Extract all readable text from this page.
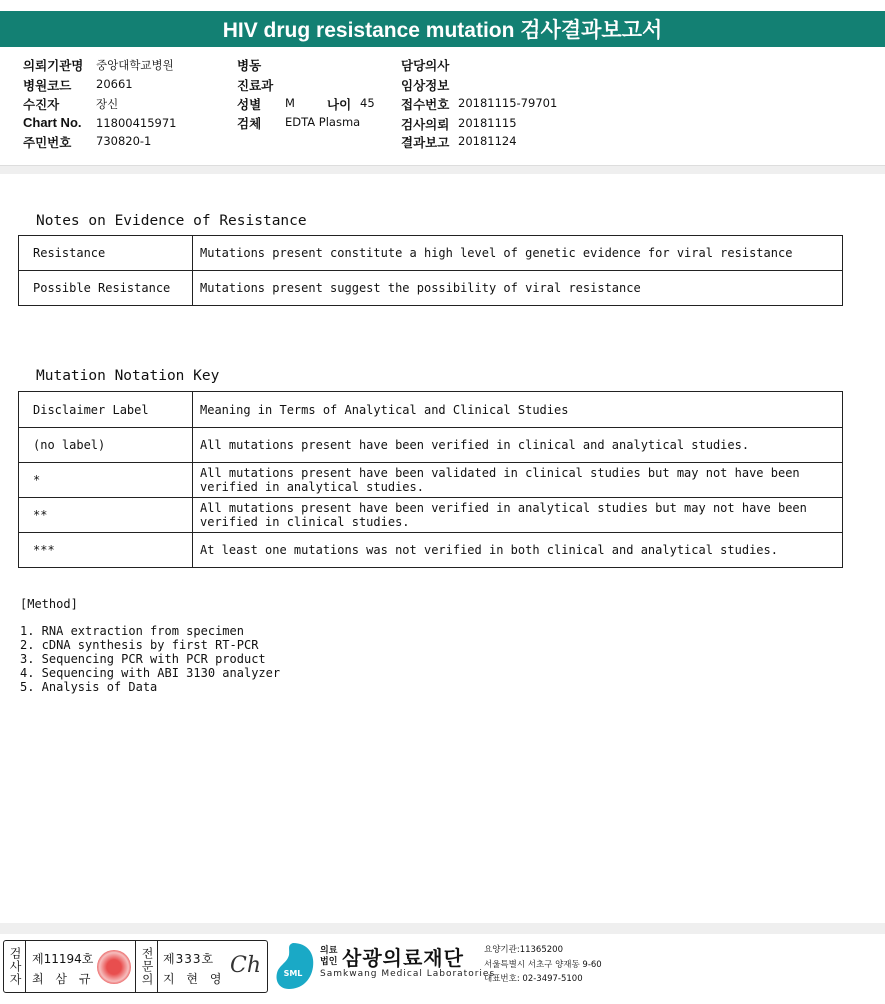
HIV drug resistance mutation 검사결과보고서
의뢰기관명 중앙대학교병원
병원코드 20661
수진자	장신
Chart No. 11800415971
주민번호 730820-1
병동
진료과
성별 M	나이 45
검체 EDTA Plasma
담당의사
임상정보
접수번호 20181115-79701
검사의뢰 20181115
결과보고 20181124
Notes on Evidence of Resistance
Resistance	Mutations present constitute a high level of genetic evidence for viral resistance
Possible Resistance	Mutations present suggest the possibility of viral resistance
Mutation Notation Key
Disclaimer Label	Meaning in Terms of Analytical and Clinical Studies
(no label)	All mutations present have been verified in clinical and analytical studies.
*	All mutations present have been validated in clinical studies but may not have been verified in analytical studies.
**	All mutations present have been verified in analytical studies but may not have been verified in clinical studies.
***	At least one mutations was not verified in both clinical and analytical studies.
[Method]
1. RNA extraction from specimen
2. cDNA synthesis by first RT-PCR
3. Sequencing PCR with PCR product
4. Sequencing with ABI 3130 analyzer
5. Analysis of Data
검사자 제11194호
최 삼 규	전문의 제333호
지 현 영
Ch	SML
의료법인 삼광의료재단
Samkwang Medical Laboratories
요양기관:11365200
서울특별시 서초구 양재동 9-60
대표번호: 02-3497-5100
